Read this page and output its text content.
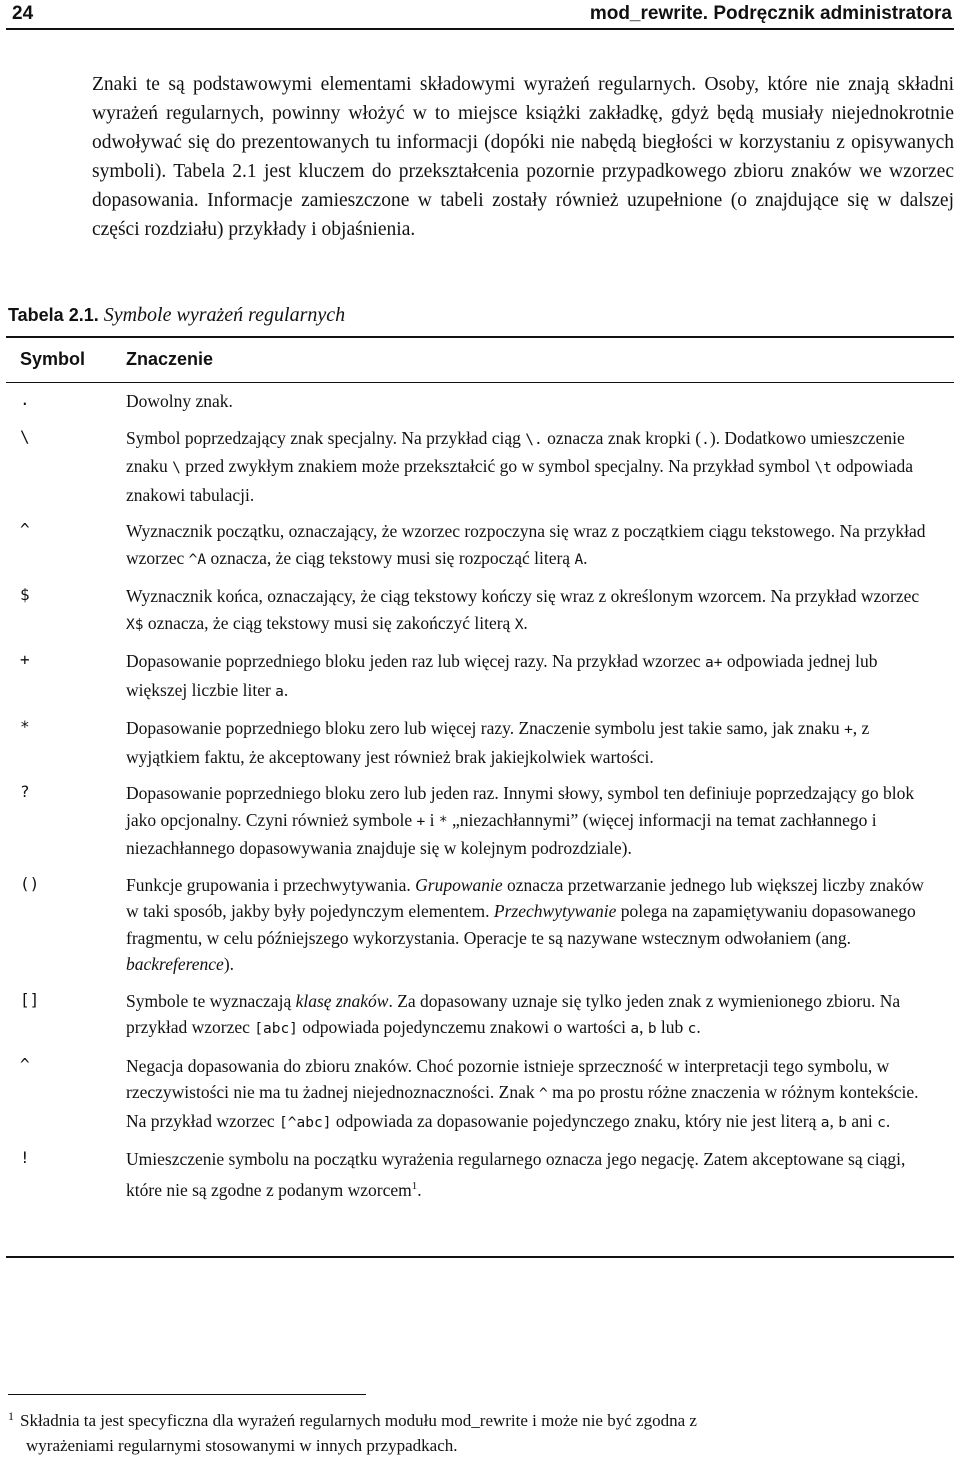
24	mod_rewrite. Podręcznik administratora

Znaki te są podstawowymi elementami składowymi wyrażeń regularnych. Osoby, które nie znają składni wyrażeń regularnych, powinny włożyć w to miejsce książki zakładkę, gdyż będą musiały niejednokrotnie odwoływać się do prezentowanych tu informacji (dopóki nie nabędą biegłości w korzystaniu z opisywanych symboli). Tabela 2.1 jest kluczem do przekształcenia pozornie przypadkowego zbioru znaków we wzorzec dopasowania. Informacje zamieszczone w tabeli zostały również uzupełnione (o znajdujące się w dalszej części rozdziału) przykłady i objaśnienia.

Tabela 2.1. Symbole wyrażeń regularnych
Symbol Znaczenie
.	Dowolny znak.
\	Symbol poprzedzający znak specjalny. Na przykład ciąg \. oznacza znak kropki (.). Dodatkowo umieszczenie znaku \ przed zwykłym znakiem może przekształcić go w symbol specjalny. Na przykład symbol \t odpowiada znakowi tabulacji.
^	Wyznacznik początku, oznaczający, że wzorzec rozpoczyna się wraz z początkiem ciągu tekstowego. Na przykład wzorzec ^A oznacza, że ciąg tekstowy musi się rozpocząć literą A.
$	Wyznacznik końca, oznaczający, że ciąg tekstowy kończy się wraz z określonym wzorcem. Na przykład wzorzec X$ oznacza, że ciąg tekstowy musi się zakończyć literą X.
+	Dopasowanie poprzedniego bloku jeden raz lub więcej razy. Na przykład wzorzec a+ odpowiada jednej lub większej liczbie liter a.
*	Dopasowanie poprzedniego bloku zero lub więcej razy. Znaczenie symbolu jest takie samo, jak znaku +, z wyjątkiem faktu, że akceptowany jest również brak jakiejkolwiek wartości.
?	Dopasowanie poprzedniego bloku zero lub jeden raz. Innymi słowy, symbol ten definiuje poprzedzający go blok jako opcjonalny. Czyni również symbole + i * „niezachłannymi” (więcej informacji na temat zachłannego i niezachłannego dopasowywania znajduje się w kolejnym podrozdziale).
()	Funkcje grupowania i przechwytywania. Grupowanie oznacza przetwarzanie jednego lub większej liczby znaków w taki sposób, jakby były pojedynczym elementem. Przechwytywanie polega na zapamiętywaniu dopasowanego fragmentu, w celu późniejszego wykorzystania. Operacje te są nazywane wstecznym odwołaniem (ang. backreference).
[]	Symbole te wyznaczają klasę znaków. Za dopasowany uznaje się tylko jeden znak z wymienionego zbioru. Na przykład wzorzec [abc] odpowiada pojedynczemu znakowi o wartości a, b lub c.
^	Negacja dopasowania do zbioru znaków. Choć pozornie istnieje sprzeczność w interpretacji tego symbolu, w rzeczywistości nie ma tu żadnej niejednoznaczności. Znak ^ ma po prostu różne znaczenia w różnym kontekście. Na przykład wzorzec [^abc] odpowiada za dopasowanie pojedynczego znaku, który nie jest literą a, b ani c.
!	Umieszczenie symbolu na początku wyrażenia regularnego oznacza jego negację. Zatem akceptowane są ciągi, które nie są zgodne z podanym wzorcem$^1$.
$^1$ Składnia ta jest specyficzna dla wyrażeń regularnych modułu mod_rewrite i może nie być zgodna z
wyrażeniami regularnymi stosowanymi w innych przypadkach.
